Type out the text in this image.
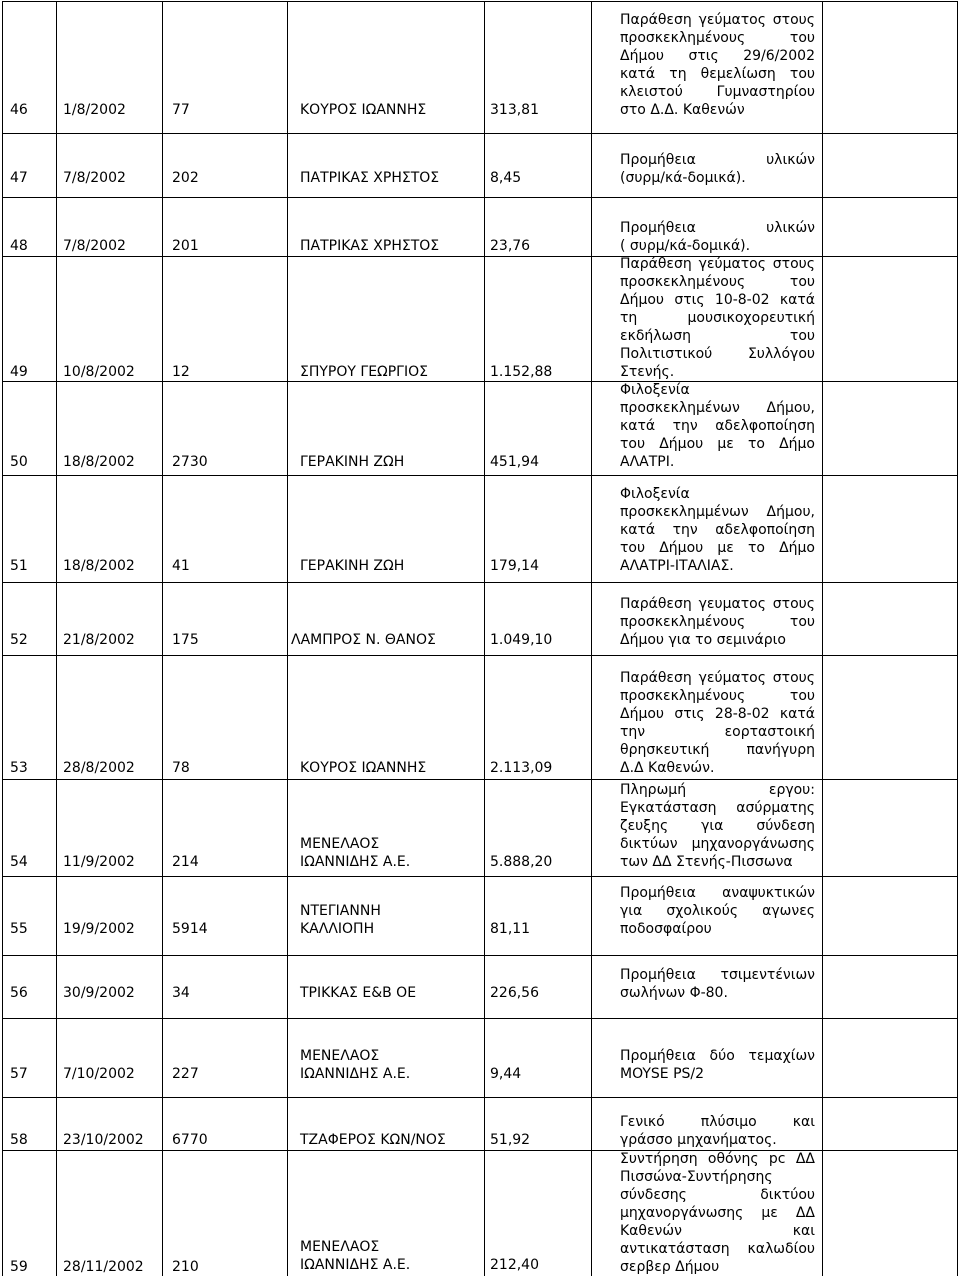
46	1/8/2002	77	ΚΟΥΡΟΣ ΙΩΑΝΝΗΣ	313,81
Παράθεση γεύματος στους
προσκεκλημένους του
Δήμου στις 29/6/2002
κατά τη θεμελίωση του
κλειστού Γυμναστηρίου
στο Δ.Δ. Καθενών
47	7/8/2002	202	ΠΑΤΡΙΚΑΣ ΧΡΗΣΤΟΣ	8,45
Προμήθεια υλικών
(συρμ/κά-δομικά).
48	7/8/2002	201	ΠΑΤΡΙΚΑΣ ΧΡΗΣΤΟΣ	23,76
Προμήθεια υλικών
( συρμ/κά-δομικά).
49	10/8/2002	12	ΣΠΥΡΟΥ ΓΕΩΡΓΙΟΣ	1.152,88
Παράθεση γεύματος στους
προσκεκλημένους του
Δήμου στις 10-8-02 κατά
τη μουσικοχορευτική
εκδήλωση του
Πολιτιστικού Συλλόγου
Στενής.
50	18/8/2002	2730	ΓΕΡΑΚΙΝΗ ΖΩΗ	451,94
Φιλοξενία
προσκεκλημένων Δήμου,
κατά την αδελφοποίηση
του Δήμου με το Δήμο
ΑΛΑΤΡΙ.
51	18/8/2002	41	ΓΕΡΑΚΙΝΗ ΖΩΗ	179,14
Φιλοξενία
προσκεκλημμένων Δήμου,
κατά την αδελφοποίηση
του Δήμου με το Δήμο
ΑΛΑΤΡΙ-ΙΤΑΛΙΑΣ.
52	21/8/2002	175	ΛΑΜΠΡΟΣ Ν. ΘΑΝΟΣ	1.049,10
Παράθεση γευματος στους
προσκεκλημένους του
Δήμου για το σεμινάριο
53	28/8/2002	78	ΚΟΥΡΟΣ ΙΩΑΝΝΗΣ	2.113,09
Παράθεση γεύματος στους
προσκεκλημένους του
Δήμου στις 28-8-02 κατά
την εορταστοική
θρησκευτική πανήγυρη
Δ.Δ Καθενών.
54	11/9/2002	214
ΜΕΝΕΛΑΟΣ
ΙΩΑΝΝΙΔΗΣ Α.Ε.	5.888,20
Πληρωμή εργου:
Εγκατάσταση ασύρματης
ζευξης για σύνδεση
δικτύων μηχανοργάνωσης
των ΔΔ Στενής-Πισσωνα
55	19/9/2002	5914
ΝΤΕΓΙΑΝΝΗ
ΚΑΛΛΙΟΠΗ	81,11
Προμήθεια αναψυκτικών
για σχολικούς αγωνες
ποδοσφαίρου
56	30/9/2002	34	ΤΡΙΚΚΑΣ Ε&Β ΟΕ	226,56
Προμήθεια τσιμεντένιων
σωλήνων Φ-80.
57	7/10/2002	227
ΜΕΝΕΛΑΟΣ
ΙΩΑΝΝΙΔΗΣ Α.Ε.	9,44
Προμήθεια δύο τεμαχίων
MOYSE PS/2
58	23/10/2002 6770	ΤΖΑΦΕΡΟΣ ΚΩΝ/ΝΟΣ	51,92
Γενικό πλύσιμο και
γράσσο μηχανήματος.
59	28/11/2002 210
ΜΕΝΕΛΑΟΣ
ΙΩΑΝΝΙΔΗΣ Α.Ε.	212,40
Συντήρηση οθόνης pc ΔΔ
Πισσώνα-Συντήρησης
σύνδεσης δικτύου
μηχανοργάνωσης με ΔΔ
Καθενών και
αντικατάσταση καλωδίου
σερβερ Δήμου
